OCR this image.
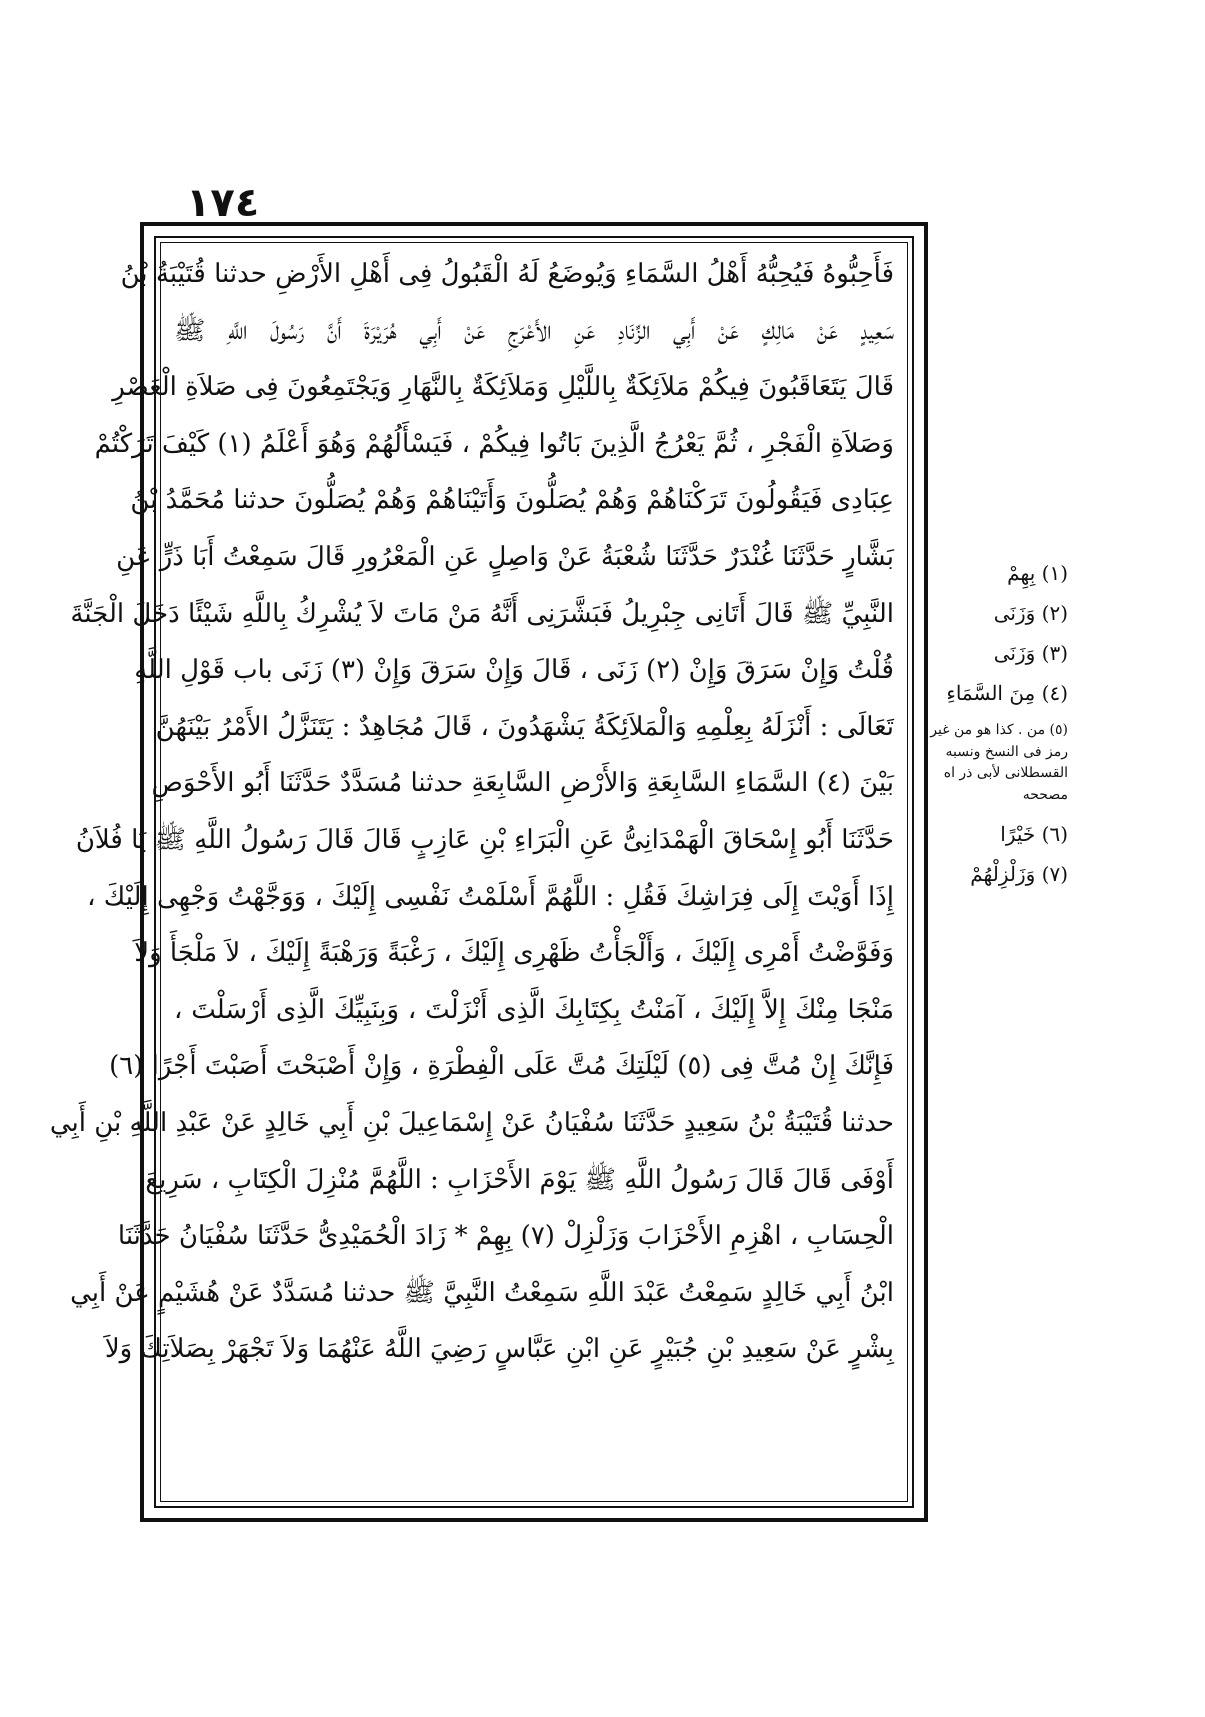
١٧٤
فَأَحِبُّوهُ فَيُحِبُّهُ أَهْلُ السَّمَاءِ وَيُوضَعُ لَهُ الْقَبُولُ فِى أَهْلِ الأَرْضِ حدثنا قُتَيْبَةُ بْنُ
سَعِيدٍ عَنْ مَالِكٍ عَنْ أَبِي الزِّنَادِ عَنِ الأَعْرَجِ عَنْ أَبِي هُرَيْرَةَ أَنَّ رَسُولَ اللَّهِ ﷺ
قَالَ يَتَعَاقَبُونَ فِيكُمْ مَلاَئِكَةٌ بِاللَّيْلِ وَمَلاَئِكَةٌ بِالنَّهَارِ وَيَجْتَمِعُونَ فِى صَلاَةِ الْعَصْرِ
وَصَلاَةِ الْفَجْرِ ، ثُمَّ يَعْرُجُ الَّذِينَ بَاتُوا فِيكُمْ ، فَيَسْأَلُهُمْ وَهُوَ أَعْلَمُ (١) كَيْفَ تَرَكْتُمْ
عِبَادِى فَيَقُولُونَ تَرَكْنَاهُمْ وَهُمْ يُصَلُّونَ وَأَتَيْنَاهُمْ وَهُمْ يُصَلُّونَ حدثنا مُحَمَّدُ بْنُ
بَشَّارٍ حَدَّثَنَا غُنْدَرٌ حَدَّثَنَا شُعْبَةُ عَنْ وَاصِلٍ عَنِ الْمَعْرُورِ قَالَ سَمِعْتُ أَبَا ذَرٍّ عَنِ
النَّبِيِّ ﷺ قَالَ أَتَانِى جِبْرِيلُ فَبَشَّرَنِى أَنَّهُ مَنْ مَاتَ لاَ يُشْرِكُ بِاللَّهِ شَيْئًا دَخَلَ الْجَنَّةَ
قُلْتُ وَإِنْ سَرَقَ وَإِنْ (٢) زَنَى ، قَالَ وَإِنْ سَرَقَ وَإِنْ (٣) زَنَى باب قَوْلِ اللَّهِ
تَعَالَى : أَنْزَلَهُ بِعِلْمِهِ وَالْمَلاَئِكَةُ يَشْهَدُونَ ، قَالَ مُجَاهِدٌ : يَتَنَزَّلُ الأَمْرُ بَيْنَهُنَّ
بَيْنَ (٤) السَّمَاءِ السَّابِعَةِ وَالأَرْضِ السَّابِعَةِ حدثنا مُسَدَّدٌ حَدَّثَنَا أَبُو الأَحْوَصِ
حَدَّثَنَا أَبُو إِسْحَاقَ الْهَمْدَانِىُّ عَنِ الْبَرَاءِ بْنِ عَازِبٍ قَالَ قَالَ رَسُولُ اللَّهِ ﷺ يَا فُلاَنُ
إِذَا أَوَيْتَ إِلَى فِرَاشِكَ فَقُلِ : اللَّهُمَّ أَسْلَمْتُ نَفْسِى إِلَيْكَ ، وَوَجَّهْتُ وَجْهِى إِلَيْكَ ،
وَفَوَّضْتُ أَمْرِى إِلَيْكَ ، وَأَلْجَأْتُ ظَهْرِى إِلَيْكَ ، رَغْبَةً وَرَهْبَةً إِلَيْكَ ، لاَ مَلْجَأَ وَلاَ
مَنْجَا مِنْكَ إِلاَّ إِلَيْكَ ، آمَنْتُ بِكِتَابِكَ الَّذِى أَنْزَلْتَ ، وَبِنَبِيِّكَ الَّذِى أَرْسَلْتَ ،
فَإِنَّكَ إِنْ مُتَّ فِى (٥) لَيْلَتِكَ مُتَّ عَلَى الْفِطْرَةِ ، وَإِنْ أَصْبَحْتَ أَصَبْتَ أَجْرًا (٦)
حدثنا قُتَيْبَةُ بْنُ سَعِيدٍ حَدَّثَنَا سُفْيَانُ عَنْ إِسْمَاعِيلَ بْنِ أَبِي خَالِدٍ عَنْ عَبْدِ اللَّهِ بْنِ أَبِي
أَوْفَى قَالَ قَالَ رَسُولُ اللَّهِ ﷺ يَوْمَ الأَحْزَابِ : اللَّهُمَّ مُنْزِلَ الْكِتَابِ ، سَرِيعَ
الْحِسَابِ ، اهْزِمِ الأَحْزَابَ وَزَلْزِلْ (٧) بِهِمْ * زَادَ الْحُمَيْدِىُّ حَدَّثَنَا سُفْيَانُ حَدَّثَنَا
ابْنُ أَبِي خَالِدٍ سَمِعْتُ عَبْدَ اللَّهِ سَمِعْتُ النَّبِيَّ ﷺ حدثنا مُسَدَّدٌ عَنْ هُشَيْمٍ عَنْ أَبِي
بِشْرٍ عَنْ سَعِيدِ بْنِ جُبَيْرٍ عَنِ ابْنِ عَبَّاسٍ رَضِيَ اللَّهُ عَنْهُمَا وَلاَ تَجْهَرْ بِصَلاَتِكَ وَلاَ
(١) بِهِمْ
(٢) وَزَنَى
(٣) وَزَنَى
(٤) مِنَ السَّمَاءِ
(٥) من . كذا هو من غير رمز فى النسخ ونسبه القسطلانى لأبى ذر اه مصححه
(٦) خَيْرًا
(٧) وَزَلْزِلْهُمْ
